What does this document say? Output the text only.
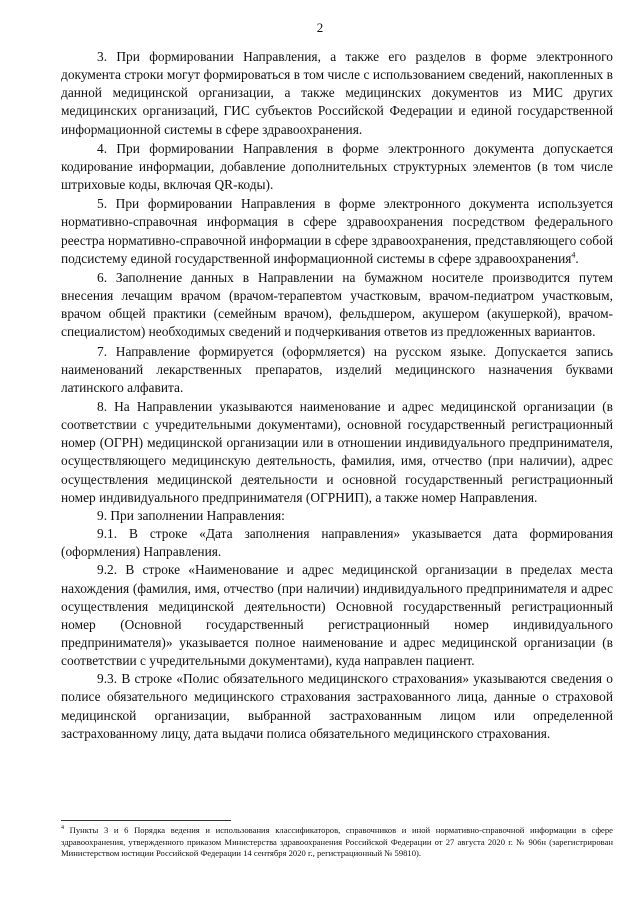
2

3. При формировании Направления, а также его разделов в форме электронного документа строки могут формироваться в том числе с использованием сведений, накопленных в данной медицинской организации, а также медицинских документов из МИС других медицинских организаций, ГИС субъектов Российской Федерации и единой государственной информационной системы в сфере здравоохранения.

4. При формировании Направления в форме электронного документа допускается кодирование информации, добавление дополнительных структурных элементов (в том числе штриховые коды, включая QR-коды).

5. При формировании Направления в форме электронного документа используется нормативно-справочная информация в сфере здравоохранения посредством федерального реестра нормативно-справочной информации в сфере здравоохранения, представляющего собой подсистему единой государственной информационной системы в сфере здравоохранения$^4$.

6. Заполнение данных в Направлении на бумажном носителе производится путем внесения лечащим врачом (врачом-терапевтом участковым, врачом-педиатром участковым, врачом общей практики (семейным врачом), фельдшером, акушером (акушеркой), врачом-специалистом) необходимых сведений и подчеркивания ответов из предложенных вариантов.

7. Направление формируется (оформляется) на русском языке. Допускается запись наименований лекарственных препаратов, изделий медицинского назначения буквами латинского алфавита.

8. На Направлении указываются наименование и адрес медицинской организации (в соответствии с учредительными документами), основной государственный регистрационный номер (ОГРН) медицинской организации или в отношении индивидуального предпринимателя, осуществляющего медицинскую деятельность, фамилия, имя, отчество (при наличии), адрес осуществления медицинской деятельности и основной государственный регистрационный номер индивидуального предпринимателя (ОГРНИП), а также номер Направления.

9. При заполнении Направления:

9.1. В строке «Дата заполнения направления» указывается дата формирования (оформления) Направления.

9.2. В строке «Наименование и адрес медицинской организации в пределах места нахождения (фамилия, имя, отчество (при наличии) индивидуального предпринимателя и адрес осуществления медицинской деятельности) Основной государственный регистрационный номер (Основной государственный регистрационный номер индивидуального предпринимателя)» указывается полное наименование и адрес медицинской организации (в соответствии с учредительными документами), куда направлен пациент.

9.3. В строке «Полис обязательного медицинского страхования» указываются сведения о полисе обязательного медицинского страхования застрахованного лица, данные о страховой медицинской организации, выбранной застрахованным лицом или определенной застрахованному лицу, дата выдачи полиса обязательного медицинского страхования.

$^4$ Пункты 3 и 6 Порядка ведения и использования классификаторов, справочников и иной нормативно-справочной информации в сфере здравоохранения, утвержденного приказом Министерства здравоохранения Российской Федерации от 27 августа 2020 г. № 906н (зарегистрирован Министерством юстиции Российской Федерации 14 сентября 2020 г., регистрационный № 59810).
